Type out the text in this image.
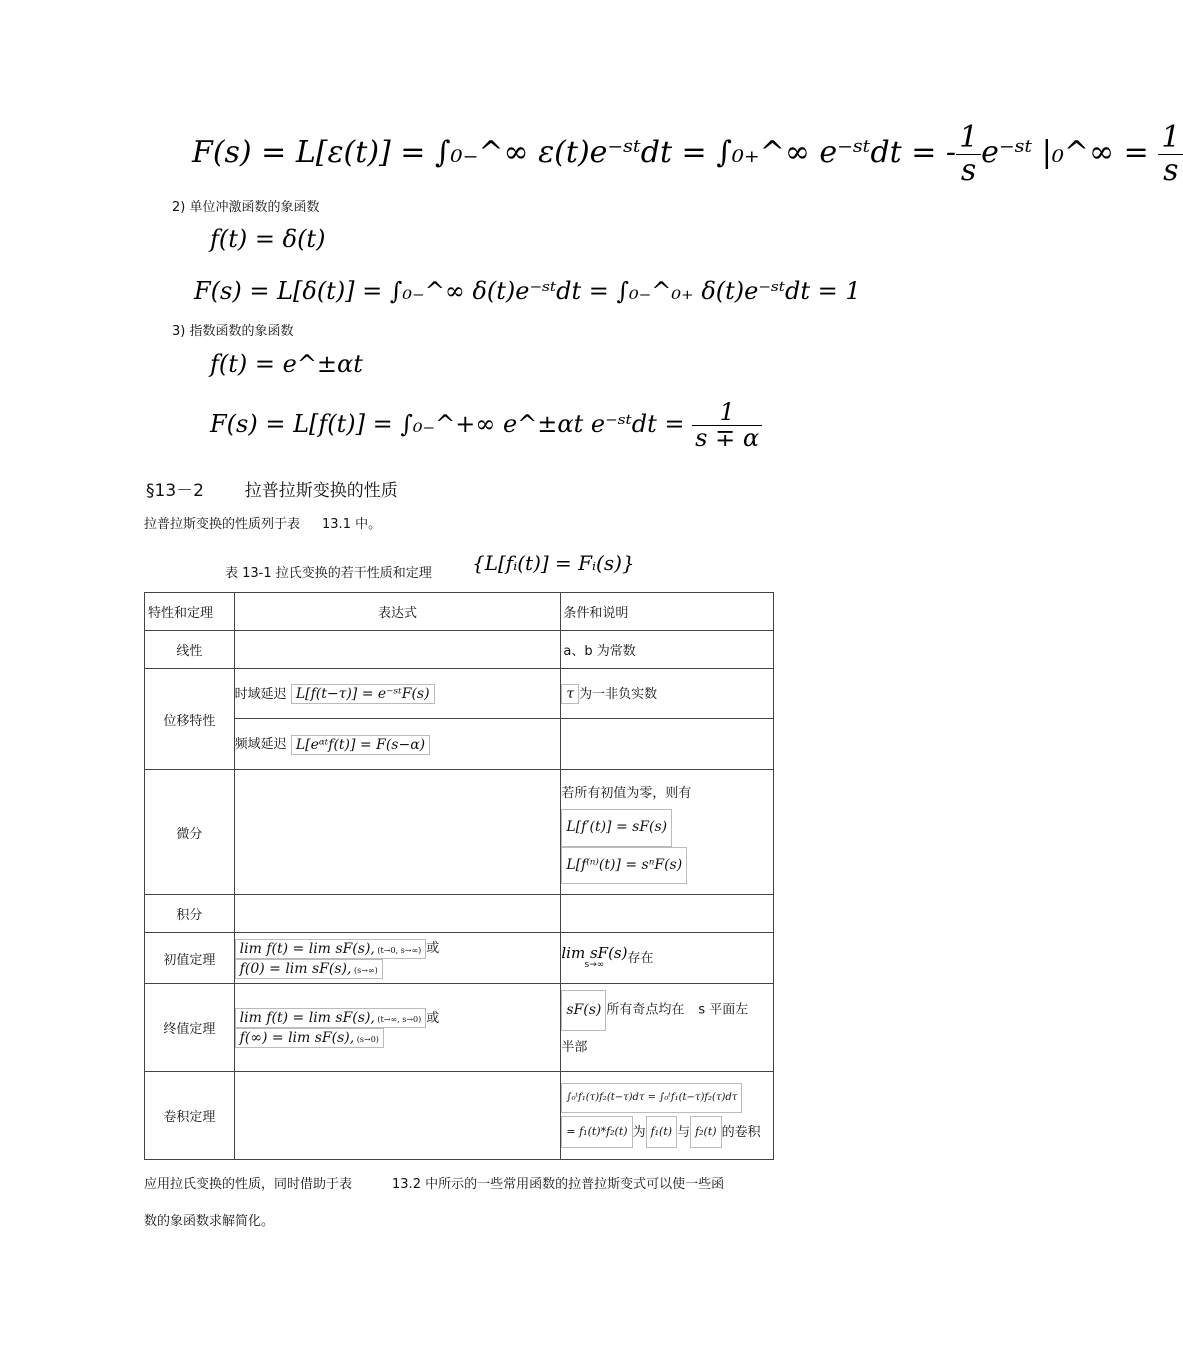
F(s) = L[ε(t)] = ∫₀₋^∞ ε(t)e⁻ˢᵗdt = ∫₀₊^∞ e⁻ˢᵗdt = - $\frac{1}{s}$ e⁻ˢᵗ |₀^∞ = $\frac{1}{s}$
2) 单位冲激函数的象函数
f(t) = δ(t)
F(s) = L[δ(t)] = ∫₀₋^∞ δ(t)e⁻ˢᵗdt = ∫₀₋^₀₊ δ(t)e⁻ˢᵗdt = 1
3) 指数函数的象函数
f(t) = e^±αt
F(s) = L[f(t)] = ∫₀₋^+∞ e^±αt e⁻ˢᵗdt = $\frac{1}{s \mp \alpha}$
§13－2 拉普拉斯变换的性质
拉普拉斯变换的性质列于表 13.1 中。
表 13-1 拉氏变换的若干性质和定理 {L[fᵢ(t)] = Fᵢ(s)}
特性和定理	表达式	条件和说明
线性		a、b 为常数
位移特性	时域延迟 L[f(t−τ)] = e⁻ˢᵗF(s)	τ 为一非负实数
	频域延迟 L[eᵅᵗf(t)] = F(s−α)	
微分		若所有初值为零，则有
L[f′(t)] = sF(s)
L[f⁽ⁿ⁾(t)] = sⁿF(s)

积分		
初值定理	lim f(t) = lim sF(s), (t→0, s→∞) 或f(0) = lim sF(s), (s→∞)	lim sF(s)
s→∞ 存在
终值定理	lim f(t) = lim sF(s), (t→∞, s→0) 或f(∞) = lim sF(s), (s→0)	sF(s) 所有奇点均在 s 平面左
半部

卷积定理		∫₀ᵗf₁(τ)f₂(t−τ)dτ = ∫₀ᵗf₁(t−τ)f₂(τ)dτ
= f₁(t)*f₂(t) 为 f₁(t) 与 f₂(t) 的卷积
应用拉氏变换的性质，同时借助于表	13.2 中所示的一些常用函数的拉普拉斯变式可以使一些函
数的象函数求解简化。
